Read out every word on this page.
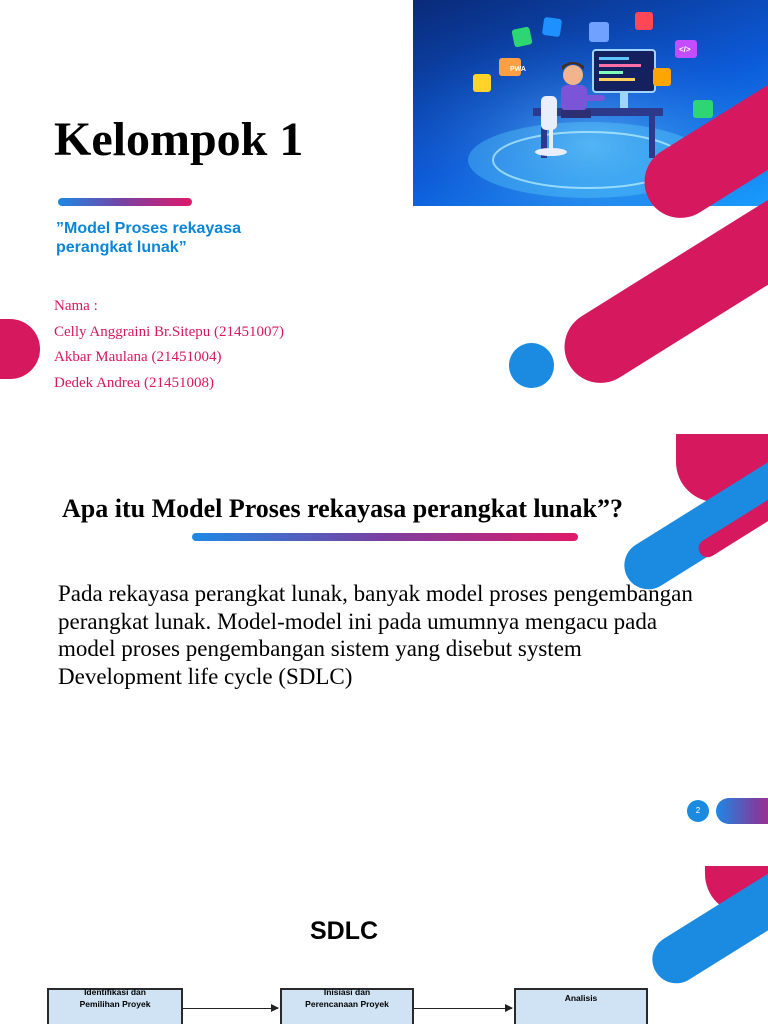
PWA
</>
Kelompok 1

”Model Proses rekayasa
perangkat lunak”

Nama :
Celly Anggraini Br.Sitepu (21451007)
Akbar Maulana (21451004)
Dedek Andrea (21451008)
Apa itu Model Proses rekayasa perangkat lunak”?

Pada rekayasa perangkat lunak, banyak model proses pengembangan perangkat lunak. Model-model ini pada umumnya mengacu pada model proses pengembangan sistem yang disebut system Development life cycle (SDLC)

2
SDLC
Identifikasi dan

Pemilihan Proyek
Inisiasi dan

Perencanaan Proyek
Analisis
